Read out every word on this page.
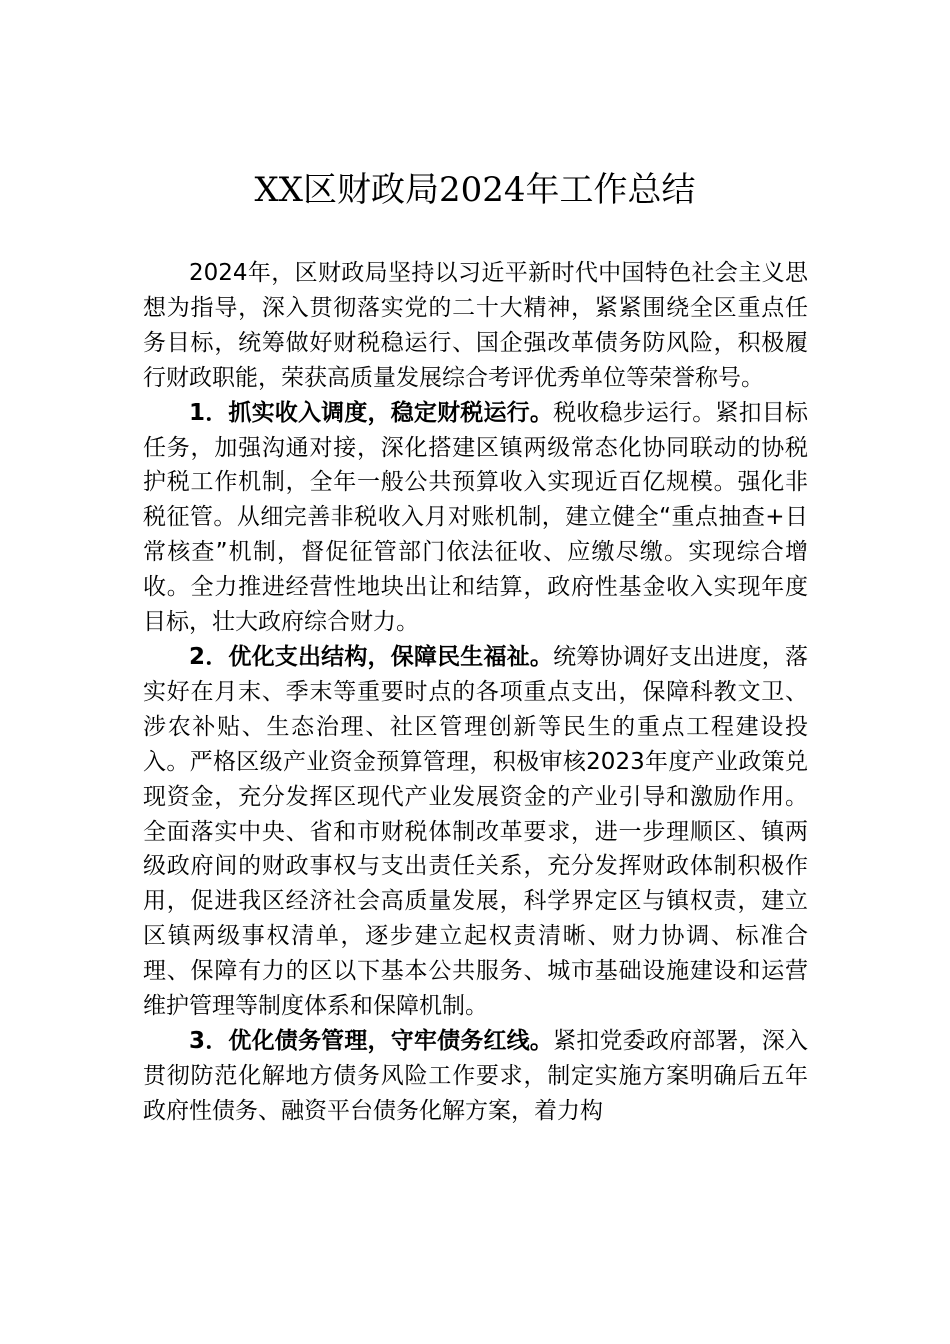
XX区财政局2024年工作总结

2024年，区财政局坚持以习近平新时代中国特色社会主义思想为指导，深入贯彻落实党的二十大精神，紧紧围绕全区重点任务目标，统筹做好财税稳运行、国企强改革债务防风险，积极履行财政职能，荣获高质量发展综合考评优秀单位等荣誉称号。

1．抓实收入调度，稳定财税运行。税收稳步运行。紧扣目标任务，加强沟通对接，深化搭建区镇两级常态化协同联动的协税护税工作机制，全年一般公共预算收入实现近百亿规模。强化非税征管。从细完善非税收入月对账机制，建立健全“重点抽查+日常核查”机制，督促征管部门依法征收、应缴尽缴。实现综合增收。全力推进经营性地块出让和结算，政府性基金收入实现年度目标，壮大政府综合财力。

2．优化支出结构，保障民生福祉。统筹协调好支出进度，落实好在月末、季末等重要时点的各项重点支出，保障科教文卫、涉农补贴、生态治理、社区管理创新等民生的重点工程建设投入。严格区级产业资金预算管理，积极审核2023年度产业政策兑现资金，充分发挥区现代产业发展资金的产业引导和激励作用。全面落实中央、省和市财税体制改革要求，进一步理顺区、镇两级政府间的财政事权与支出责任关系，充分发挥财政体制积极作用，促进我区经济社会高质量发展，科学界定区与镇权责，建立区镇两级事权清单，逐步建立起权责清晰、财力协调、标准合理、保障有力的区以下基本公共服务、城市基础设施建设和运营维护管理等制度体系和保障机制。

3．优化债务管理，守牢债务红线。紧扣党委政府部署，深入贯彻防范化解地方债务风险工作要求，制定实施方案明确后五年政府性债务、融资平台债务化解方案，着力构
